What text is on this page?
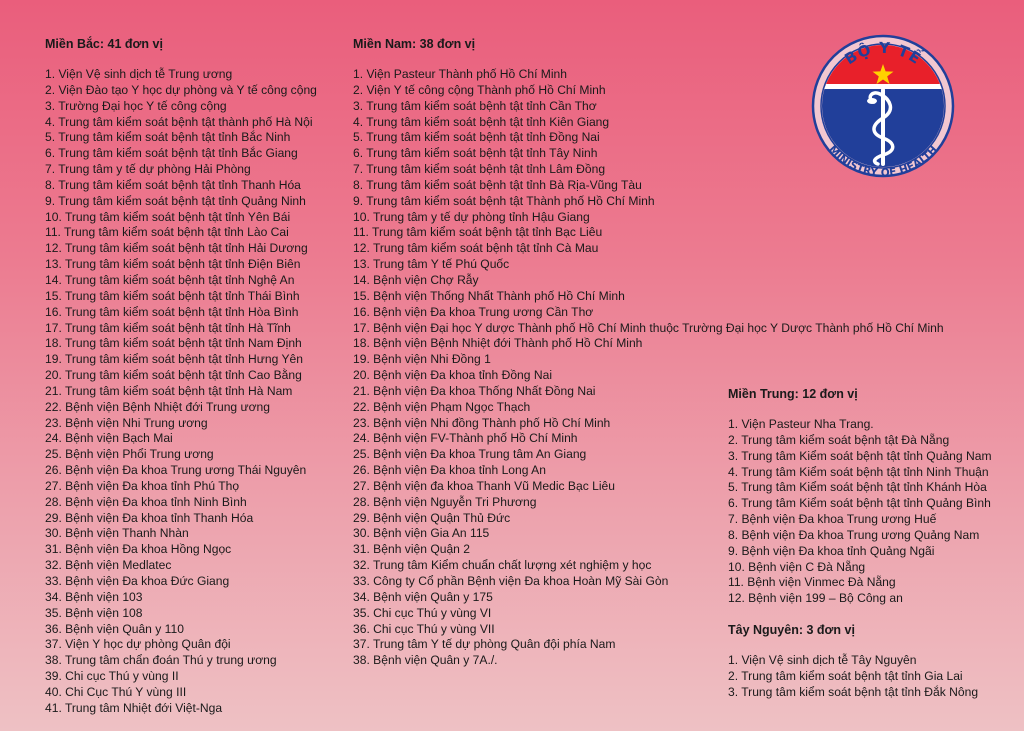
Miền Bắc: 41 đơn vị
1. Viện Vệ sinh dịch tễ Trung ương
2. Viện Đào tạo Y học dự phòng và Y tế công cộng
3. Trường Đại học Y tế công cộng
4. Trung tâm kiểm soát bệnh tật thành phố Hà Nội
5. Trung tâm kiểm soát bệnh tật tỉnh Bắc Ninh
6. Trung tâm kiểm soát bệnh tật tỉnh Bắc Giang
7. Trung tâm y tế dự phòng Hải Phòng
8. Trung tâm kiểm soát bệnh tật tỉnh Thanh Hóa
9. Trung tâm kiểm soát bệnh tật tỉnh Quảng Ninh
10. Trung tâm kiểm soát bệnh tật tỉnh Yên Bái
11. Trung tâm kiểm soát bệnh tật tỉnh Lào Cai
12. Trung tâm kiểm soát bệnh tật tỉnh Hải Dương
13. Trung tâm kiểm soát bệnh tật tỉnh Điện Biên
14. Trung tâm kiểm soát bệnh tật tỉnh Nghệ An
15. Trung tâm kiểm soát bệnh tật tỉnh Thái Bình
16. Trung tâm kiểm soát bệnh tật tỉnh Hòa Bình
17. Trung tâm kiểm soát bệnh tật tỉnh Hà Tĩnh
18. Trung tâm kiểm soát bệnh tật tỉnh Nam Định
19. Trung tâm kiểm soát bệnh tật tỉnh Hưng Yên
20. Trung tâm kiểm soát bệnh tật tỉnh Cao Bằng
21. Trung tâm kiểm soát bệnh tật tỉnh Hà Nam
22. Bệnh viện Bệnh Nhiệt đới Trung ương
23. Bệnh viện Nhi Trung ương
24. Bệnh viện Bạch Mai
25. Bệnh viện Phổi Trung ương
26. Bệnh viện Đa khoa Trung ương Thái Nguyên
27. Bệnh viện Đa khoa tỉnh Phú Thọ
28. Bệnh viện Đa khoa tỉnh Ninh Bình
29. Bệnh viện Đa khoa tỉnh Thanh Hóa
30. Bệnh viện Thanh Nhàn
31. Bệnh viện Đa khoa Hồng Ngọc
32. Bệnh viện Medlatec
33. Bệnh viện Đa khoa Đức Giang
34. Bệnh viện 103
35. Bệnh viện 108
36. Bệnh viện Quân y 110
37. Viện Y học dự phòng Quân đội
38. Trung tâm chẩn đoán Thú y trung ương
39. Chi cục Thú y vùng II
40. Chi Cục Thú Y vùng III
41. Trung tâm Nhiệt đới Việt-Nga
Miền Nam: 38 đơn vị
1. Viện Pasteur Thành phố Hồ Chí Minh
2. Viện Y tế công cộng Thành phố Hồ Chí Minh
3. Trung tâm kiểm soát bệnh tật tỉnh Cần Thơ
4. Trung tâm kiểm soát bệnh tật tỉnh Kiên Giang
5. Trung tâm kiểm soát bệnh tật tỉnh Đồng Nai
6. Trung tâm kiểm soát bệnh tật tỉnh Tây Ninh
7. Trung tâm kiểm soát bệnh tật tỉnh Lâm Đồng
8. Trung tâm kiểm soát bệnh tật tỉnh Bà Rịa-Vũng Tàu
9. Trung tâm kiểm soát bệnh tật Thành phố Hồ Chí Minh
10. Trung tâm y tế dự phòng tỉnh Hậu Giang
11. Trung tâm kiểm soát bệnh tật tỉnh Bạc Liêu
12. Trung tâm kiểm soát bệnh tật tỉnh Cà Mau
13. Trung tâm Y tế Phú Quốc
14. Bệnh viện Chợ Rẫy
15. Bệnh viện Thống Nhất Thành phố Hồ Chí Minh
16. Bệnh viện Đa khoa Trung ương Cần Thơ
17. Bệnh viện Đại học Y dược Thành phố Hồ Chí Minh thuộc Trường Đại học Y Dược Thành phố Hồ Chí Minh
18. Bệnh viện Bệnh Nhiệt đới Thành phố Hồ Chí Minh
19. Bệnh viện Nhi Đồng 1
20. Bệnh viện Đa khoa tỉnh Đồng Nai
21. Bệnh viện Đa khoa Thống Nhất Đồng Nai
22. Bệnh viện Phạm Ngọc Thạch
23. Bệnh viện Nhi đồng Thành phố Hồ Chí Minh
24. Bệnh viện FV-Thành phố Hồ Chí Minh
25. Bệnh viện Đa khoa Trung tâm An Giang
26. Bệnh viện Đa khoa tỉnh Long An
27. Bệnh viện đa khoa Thanh Vũ Medic Bạc Liêu
28. Bệnh viện Nguyễn Tri Phương
29. Bệnh viện Quận Thủ Đức
30. Bệnh viện Gia An 115
31. Bệnh viện Quận 2
32. Trung tâm Kiểm chuẩn chất lượng xét nghiệm y học
33. Công ty Cổ phần Bệnh viện Đa khoa Hoàn Mỹ Sài Gòn
34. Bệnh viện Quân y 175
35. Chi cục Thú y vùng VI
36. Chi cục Thú y vùng VII
37. Trung tâm Y tế dự phòng Quân đội phía Nam
38. Bệnh viện Quân y 7A./.
Miền Trung: 12 đơn vị
1. Viện Pasteur Nha Trang.
2. Trung tâm kiểm soát bệnh tật Đà Nẵng
3. Trung tâm Kiểm soát bệnh tật tỉnh Quảng Nam
4. Trung tâm Kiểm soát bệnh tật tỉnh Ninh Thuận
5. Trung tâm Kiểm soát bệnh tật tỉnh Khánh Hòa
6. Trung tâm Kiểm soát bệnh tật tỉnh Quảng Bình
7. Bệnh viện Đa khoa Trung ương Huế
8. Bệnh viện Đa khoa Trung ương Quảng Nam
9. Bệnh viện Đa khoa tỉnh Quảng Ngãi
10. Bệnh viện C Đà Nẵng
11. Bệnh viện Vinmec Đà Nẵng
12. Bệnh viện 199 – Bộ Công an
Tây Nguyên: 3 đơn vị
1. Viện Vệ sinh dịch tễ Tây Nguyên
2. Trung tâm kiểm soát bệnh tật tỉnh Gia Lai
3. Trung tâm kiểm soát bệnh tật tỉnh Đắk Nông
BỘ Y TẾ
MINISTRY OF HEALTH
